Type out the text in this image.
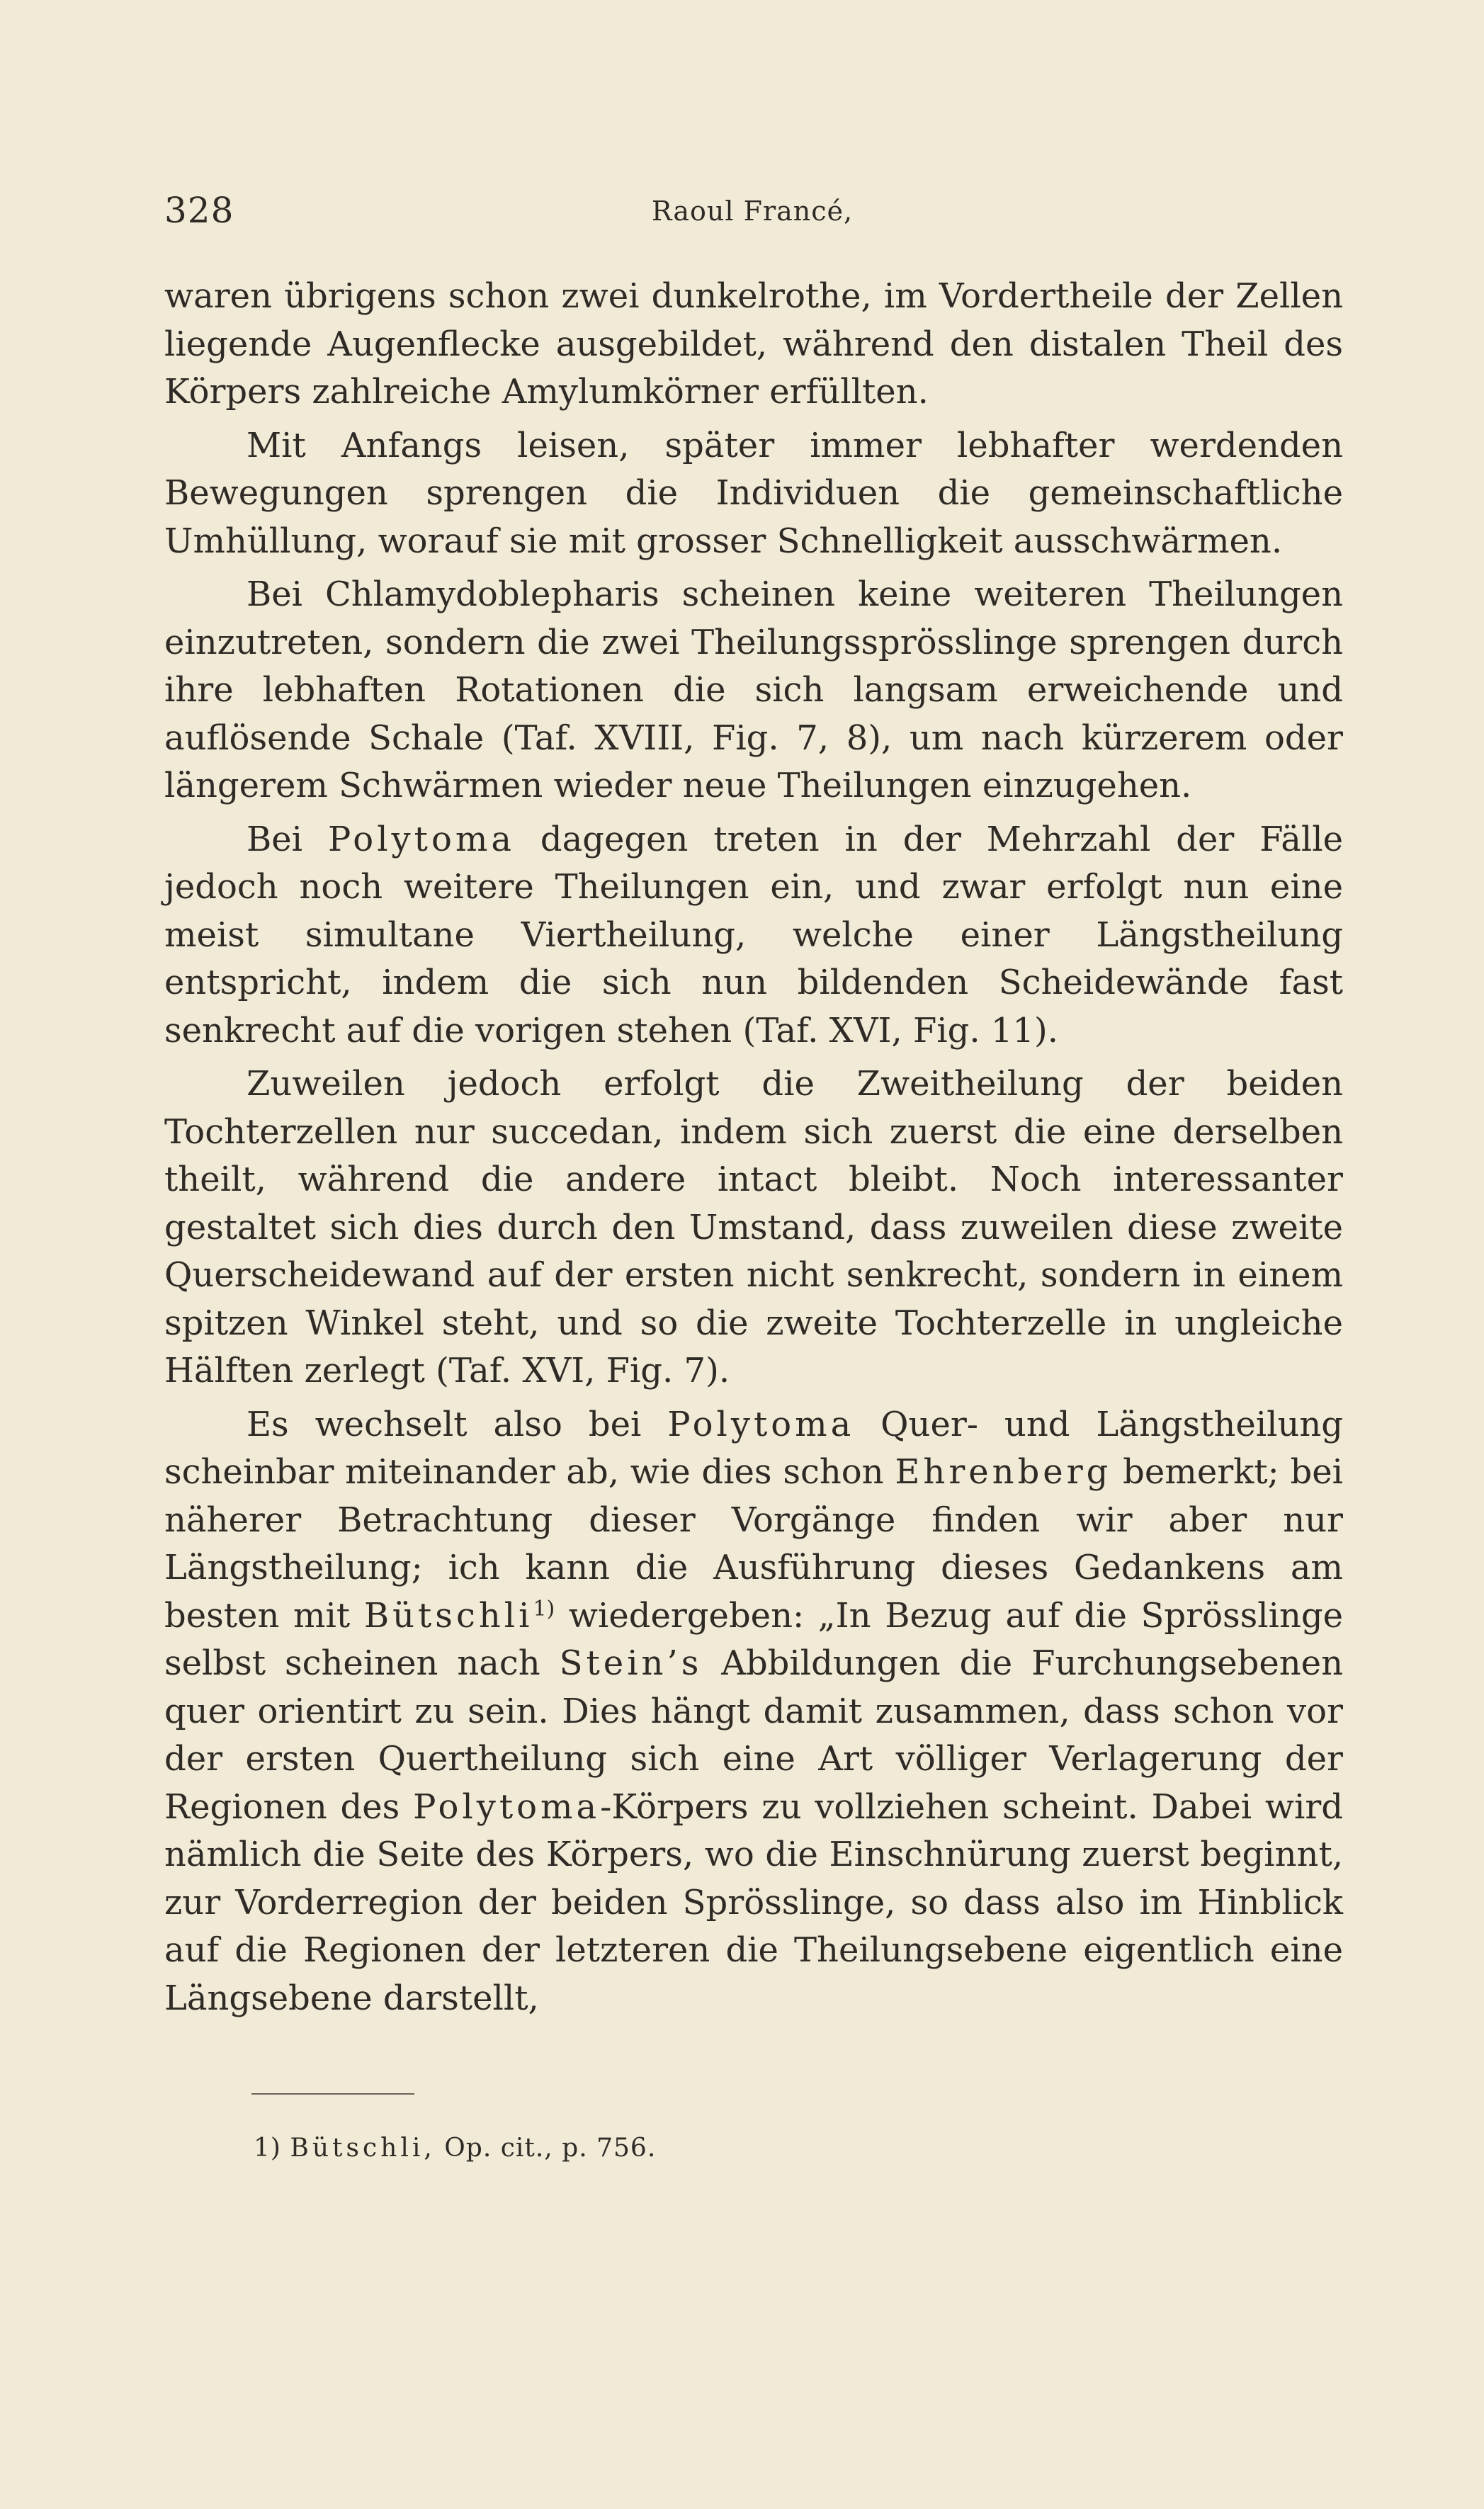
328	Raoul Francé,

waren übrigens schon zwei dunkelrothe, im Vordertheile der Zellen liegende Augenflecke ausgebildet, während den distalen Theil des Körpers zahlreiche Amylumkörner erfüllten.

Mit Anfangs leisen, später immer lebhafter werdenden Bewegungen sprengen die Individuen die gemeinschaftliche Umhüllung, worauf sie mit grosser Schnelligkeit ausschwärmen.

Bei Chlamydoblepharis scheinen keine weiteren Theilungen einzutreten, sondern die zwei Theilungssprösslinge sprengen durch ihre lebhaften Rotationen die sich langsam erweichende und auflösende Schale (Taf. XVIII, Fig. 7, 8), um nach kürzerem oder längerem Schwärmen wieder neue Theilungen einzugehen.

Bei Polytoma dagegen treten in der Mehrzahl der Fälle jedoch noch weitere Theilungen ein, und zwar erfolgt nun eine meist simultane Viertheilung, welche einer Längstheilung entspricht, indem die sich nun bildenden Scheidewände fast senkrecht auf die vorigen stehen (Taf. XVI, Fig. 11).

Zuweilen jedoch erfolgt die Zweitheilung der beiden Tochterzellen nur succedan, indem sich zuerst die eine derselben theilt, während die andere intact bleibt. Noch interessanter gestaltet sich dies durch den Umstand, dass zuweilen diese zweite Querscheidewand auf der ersten nicht senkrecht, sondern in einem spitzen Winkel steht, und so die zweite Tochterzelle in ungleiche Hälften zerlegt (Taf. XVI, Fig. 7).

Es wechselt also bei Polytoma Quer- und Längstheilung scheinbar miteinander ab, wie dies schon Ehrenberg bemerkt; bei näherer Betrachtung dieser Vorgänge finden wir aber nur Längstheilung; ich kann die Ausführung dieses Gedankens am besten mit Bütschli$^{1)}$ wiedergeben: „In Bezug auf die Sprösslinge selbst scheinen nach Stein’s Abbildungen die Furchungsebenen quer orientirt zu sein. Dies hängt damit zusammen, dass schon vor der ersten Quertheilung sich eine Art völliger Verlagerung der Regionen des Polytoma-Körpers zu vollziehen scheint. Dabei wird nämlich die Seite des Körpers, wo die Einschnürung zuerst beginnt, zur Vorderregion der beiden Sprösslinge, so dass also im Hinblick auf die Regionen der letzteren die Theilungsebene eigentlich eine Längsebene darstellt,

1) Bütschli, Op. cit., p. 756.
